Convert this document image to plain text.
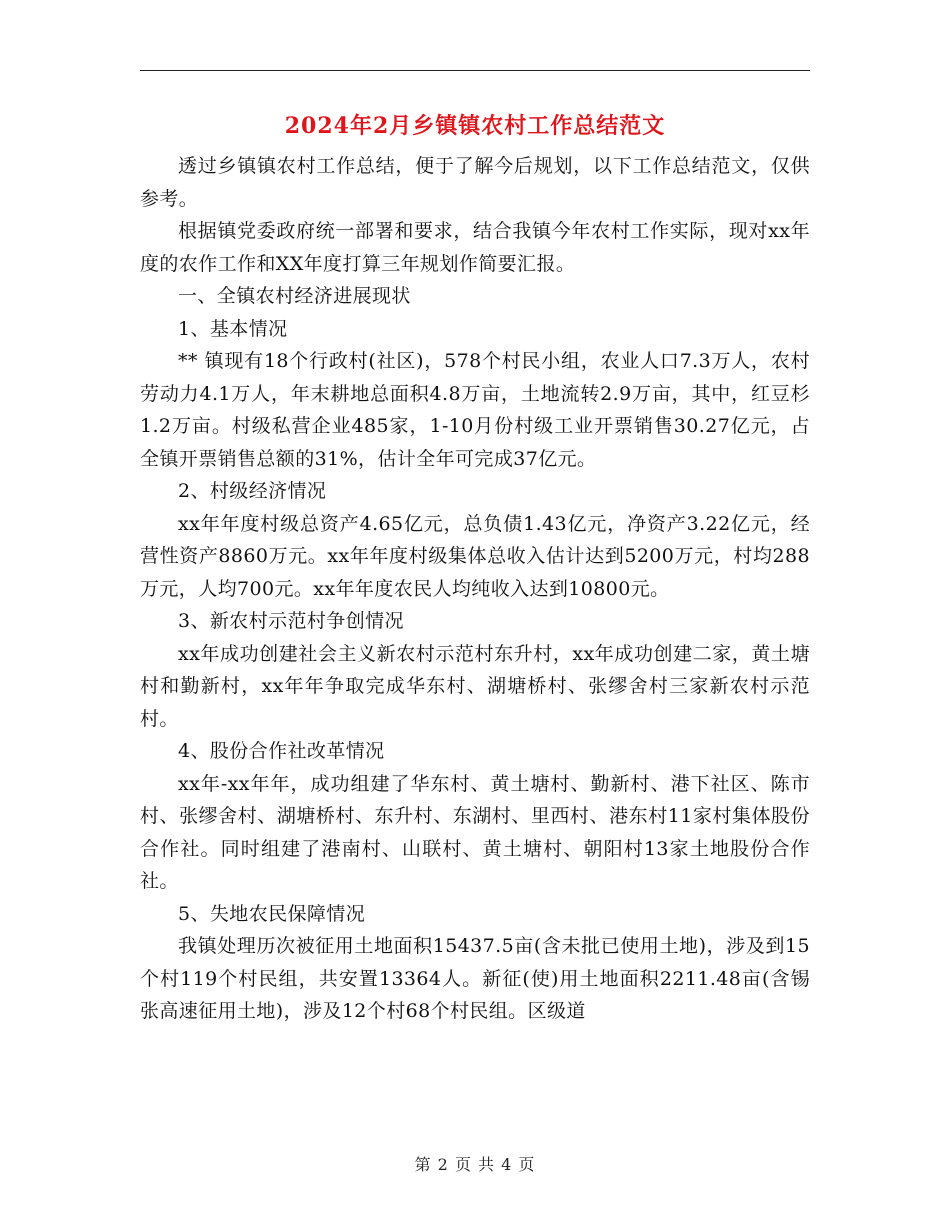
2024年2月乡镇镇农村工作总结范文

透过乡镇镇农村工作总结，便于了解今后规划，以下工作总结范文，仅供参考。

根据镇党委政府统一部署和要求，结合我镇今年农村工作实际，现对xx年度的农作工作和XX年度打算三年规划作简要汇报。

一、全镇农村经济进展现状

1、基本情况

** 镇现有18个行政村(社区)，578个村民小组，农业人口7.3万人，农村劳动力4.1万人，年末耕地总面积4.8万亩，土地流转2.9万亩，其中，红豆杉1.2万亩。村级私营企业485家，1-10月份村级工业开票销售30.27亿元，占全镇开票销售总额的31%，估计全年可完成37亿元。

2、村级经济情况

xx年年度村级总资产4.65亿元，总负债1.43亿元，净资产3.22亿元，经营性资产8860万元。xx年年度村级集体总收入估计达到5200万元，村均288万元，人均700元。xx年年度农民人均纯收入达到10800元。

3、新农村示范村争创情况

xx年成功创建社会主义新农村示范村东升村，xx年成功创建二家，黄土塘村和勤新村，xx年年争取完成华东村、湖塘桥村、张缪舍村三家新农村示范村。

4、股份合作社改革情况

xx年-xx年年，成功组建了华东村、黄土塘村、勤新村、港下社区、陈市村、张缪舍村、湖塘桥村、东升村、东湖村、里西村、港东村11家村集体股份合作社。同时组建了港南村、山联村、黄土塘村、朝阳村13家土地股份合作社。

5、失地农民保障情况

我镇处理历次被征用土地面积15437.5亩(含未批已使用土地)，涉及到15个村119个村民组，共安置13364人。新征(使)用土地面积2211.48亩(含锡张高速征用土地)，涉及12个村68个村民组。区级道

第 2 页 共 4 页
